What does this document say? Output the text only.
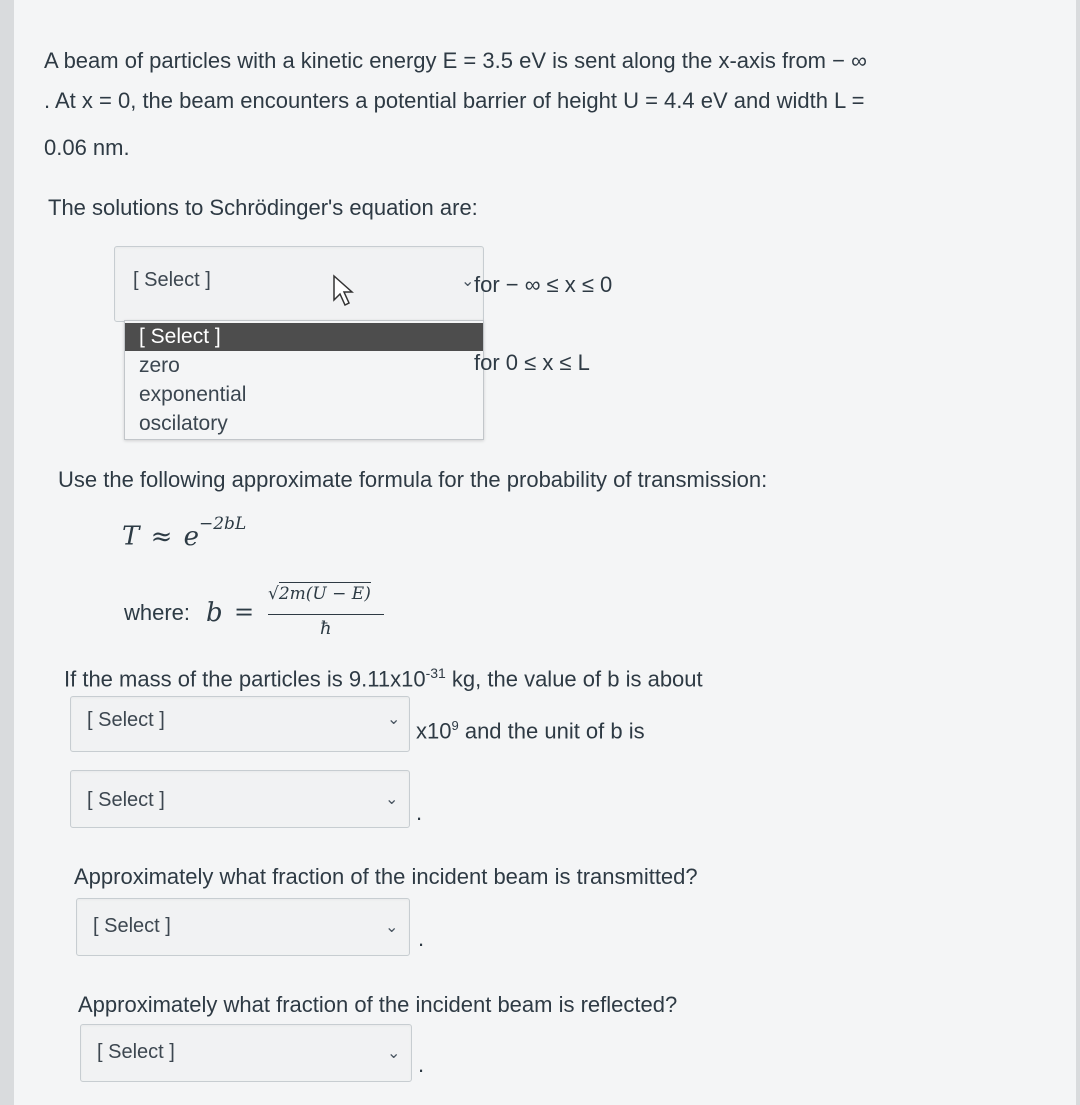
A beam of particles with a kinetic energy E = 3.5 eV is sent along the x-axis from − ∞
. At x = 0, the beam encounters a potential barrier of height U = 4.4 eV and width L =
0.06 nm.
The solutions to Schrödinger's equation are:
[ Select ]	⌄ for − ∞ ≤ x ≤ 0
[ Select ]
zero
exponential
oscilatory
for 0 ≤ x ≤ L
Use the following approximate formula for the probability of transmission:
$T \approx e^{-2bL}$
where: b =
√2m(U − E)
ħ
If the mass of the particles is $9.11x10^{-31}$ kg, the value of b is about
[ Select ]	⌄ $x10^9$ and the unit of b is
[ Select ]	⌄
.
Approximately what fraction of the incident beam is transmitted?
[ Select ]	⌄ .
Approximately what fraction of the incident beam is reflected?
[ Select ]	⌄ .
